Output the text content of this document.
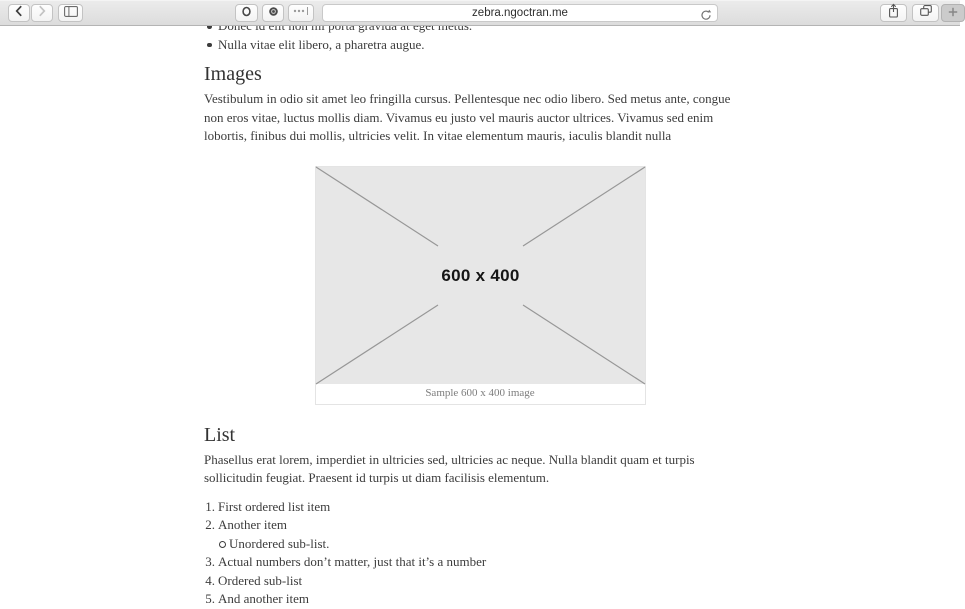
zebra.ngoctran.me
Nulla vitae elit libero, a pharetra augue.
Images
Vestibulum in odio sit amet leo fringilla cursus. Pellentesque nec odio libero. Sed metus ante, congue
non eros vitae, luctus mollis diam. Vivamus eu justo vel mauris auctor ultrices. Vivamus sed enim
lobortis, finibus dui mollis, ultricies velit. In vitae elementum mauris, iaculis blandit nulla
600 x 400
Sample 600 x 400 image
List
Phasellus erat lorem, imperdiet in ultricies sed, ultricies ac neque. Nulla blandit quam et turpis
sollicitudin feugiat. Praesent id turpis ut diam facilisis elementum.
1. First ordered list item
2. Another item
Unordered sub-list.
3. Actual numbers don’t matter, just that it’s a number
4. Ordered sub-list
5. And another item
